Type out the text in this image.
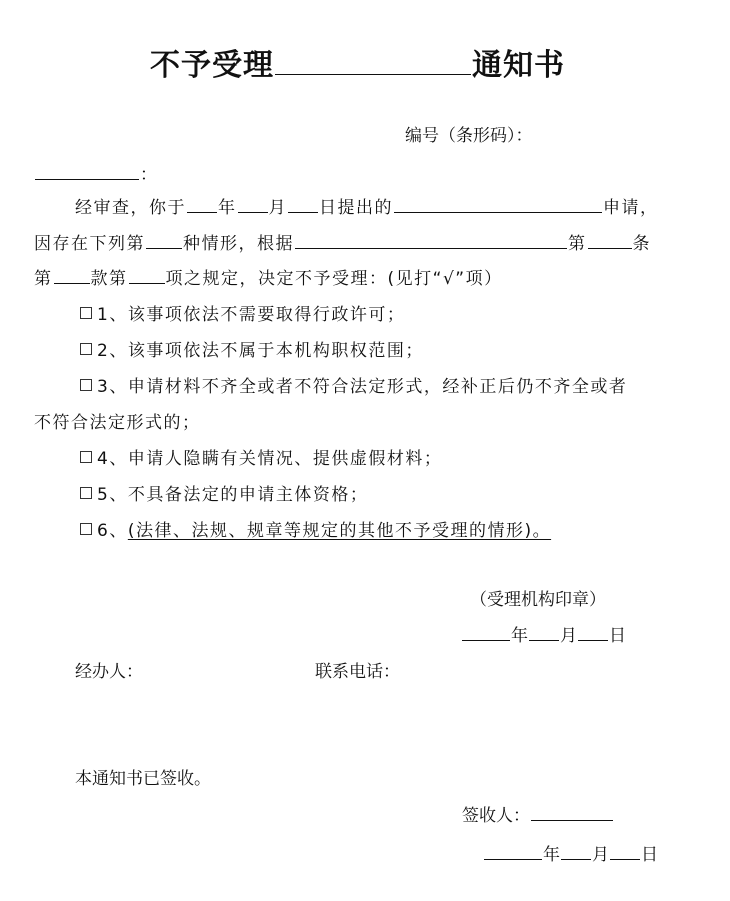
不予受理	通知书
编号（条形码）：
：
经审查，你于 年 月 日提出的	申请，
因存在下列第 种情形，根据	第	条
第 款第 项之规定，决定不予受理：(见打“√”项）
1、该事项依法不需要取得行政许可；
2、该事项依法不属于本机构职权范围；
3、申请材料不齐全或者不符合法定形式，经补正后仍不齐全或者
不符合法定形式的；
4、申请人隐瞒有关情况、提供虚假材料；
5、不具备法定的申请主体资格；
6、(法律、法规、规章等规定的其他不予受理的情形)。
（受理机构印章）
年 月 日
经办人：	联系电话：
本通知书已签收。
签收人：
年 月 日
